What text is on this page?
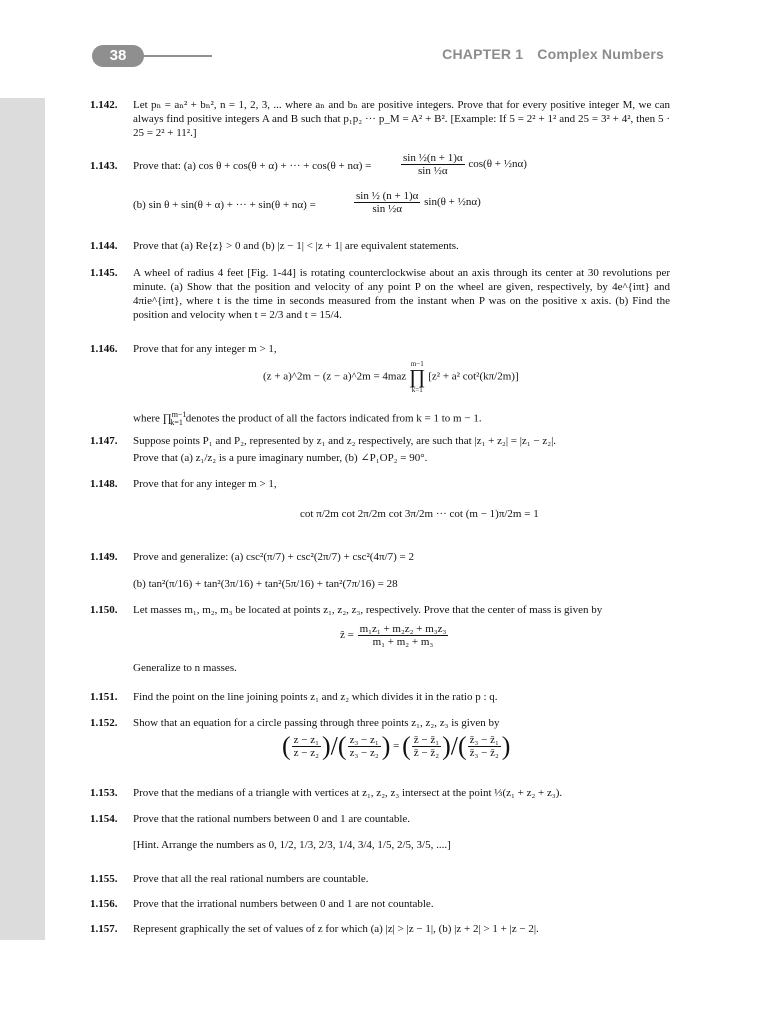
38	CHAPTER 1 Complex Numbers
1.142. Let pₙ = aₙ² + bₙ², n = 1, 2, 3, ... where aₙ and bₙ are positive integers. Prove that for every positive integer M, we can always find positive integers A and B such that p₁p₂ ··· p_M = A² + B². [Example: If 5 = 2² + 1² and 25 = 3² + 4², then 5 · 25 = 2² + 11².]
1.143. Prove that: (a) cos θ + cos(θ + α) + ··· + cos(θ + nα) =	$\frac{\text{sin ½(n + 1)α}}{\text{sin ½α}} \cos(\theta$ + ½nα)
(b) sin θ + sin(θ + α) + ··· + sin(θ + nα) =	$\frac{\text{sin ½ (n + 1)α}}{\text{sin ½α}} \sin(\theta$ + ½nα)
1.144. Prove that (a) Re{z} > 0 and (b) |z − 1| < |z + 1| are equivalent statements.
1.145. A wheel of radius 4 feet [Fig. 1-44] is rotating counterclockwise about an axis through its center at 30 revolutions per minute. (a) Show that the position and velocity of any point P on the wheel are given, respectively, by 4e^{iπt} and 4πie^{iπt}, where t is the time in seconds measured from the instant when P was on the positive x axis. (b) Find the position and velocity when t = 2/3 and t = 15/4.
1.146. Prove that for any integer m > 1,
(z + a)^2m − (z − a)^2m = 4maz m−1
∏
k=1 [z² + a² cot²(kπ/2m)]
where ∏$^{m-1}_{k=1}$ denotes the product of all the factors indicated from k = 1 to m − 1.
1.147. Suppose points P₁ and P₂, represented by z₁ and z₂ respectively, are such that |z₁ + z₂| = |z₁ − z₂|.
Prove that (a) z₁/z₂ is a pure imaginary number, (b) ∠P₁OP₂ = 90°.
1.148. Prove that for any integer m > 1,
cot π/2m cot 2π/2m cot 3π/2m ··· cot (m − 1)π/2m = 1
1.149. Prove and generalize: (a) csc²(π/7) + csc²(2π/7) + csc²(4π/7) = 2
(b) tan²(π/16) + tan²(3π/16) + tan²(5π/16) + tan²(7π/16) = 28
1.150. Let masses m₁, m₂, m₃ be located at points z₁, z₂, z₃, respectively. Prove that the center of mass is given by
ẑ = $\frac{\text{m₁z₁ + m₂z₂ + m₃z₃}}{\text{m₁ + m₂ + m₃}}$
Generalize to n masses.
1.151. Find the point on the line joining points z₁ and z₂ which divides it in the ratio p : q.
1.152. Show that an equation for a circle passing through three points z₁, z₂, z₃ is given by
( $\frac{\text{z − z₁}}{\text{z − z₂}}$ )/( $\frac{\text{z₃ − z₁}}{\text{z₃ − z₂}}$ ) = ( $\frac{\text{z̄ − z̄₁}}{\text{z̄ − z̄₂}}$ )/( $\frac{\text{z̄₃ − z̄₁}}{\text{z̄₃ − z̄₂}}$ )
1.153. Prove that the medians of a triangle with vertices at z₁, z₂, z₃ intersect at the point ⅓(z₁ + z₂ + z₃).
1.154. Prove that the rational numbers between 0 and 1 are countable.
[Hint. Arrange the numbers as 0, 1/2, 1/3, 2/3, 1/4, 3/4, 1/5, 2/5, 3/5, ....]
1.155. Prove that all the real rational numbers are countable.
1.156. Prove that the irrational numbers between 0 and 1 are not countable.
1.157. Represent graphically the set of values of z for which (a) |z| > |z − 1|, (b) |z + 2| > 1 + |z − 2|.
